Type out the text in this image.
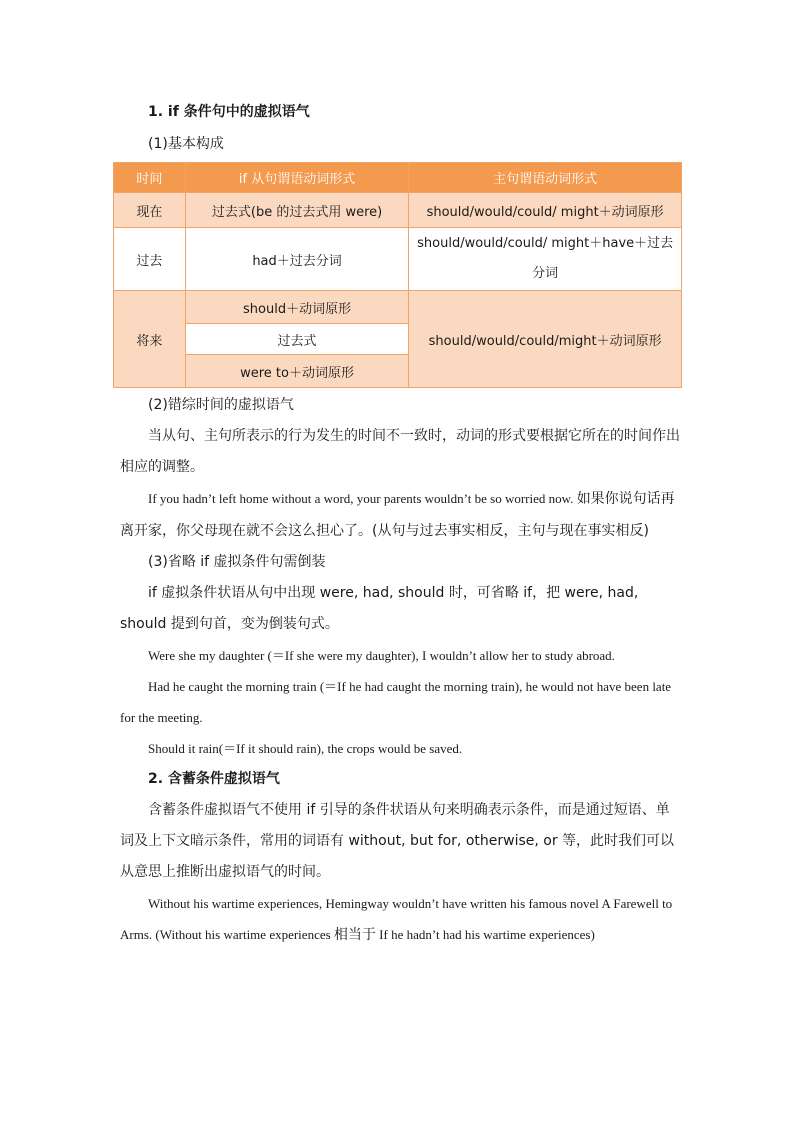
1. if 条件句中的虚拟语气
(1)基本构成
时间	if 从句谓语动词形式	主句谓语动词形式
现在	过去式(be 的过去式用 were)	should/would/could/ might＋动词原形
过去	had＋过去分词	should/would/could/ might＋have＋过去分词
将来	should＋动词原形	should/would/could/might＋动词原形
	过去式	
	were to＋动词原形	

(2)错综时间的虚拟语气

当从句、主句所表示的行为发生的时间不一致时，动词的形式要根据它所在的时间作出相应的调整。

If you hadn’t left home without a word, your parents wouldn’t be so worried now. 如果你说句话再离开家，你父母现在就不会这么担心了。(从句与过去事实相反，主句与现在事实相反)

(3)省略 if 虚拟条件句需倒装

if 虚拟条件状语从句中出现 were, had, should 时，可省略 if，把 were, had, should 提到句首，变为倒装句式。

Were she my daughter (＝If she were my daughter), I wouldn’t allow her to study abroad.

Had he caught the morning train (＝If he had caught the morning train), he would not have been late for the meeting.

Should it rain(＝If it should rain), the crops would be saved.

2. 含蓄条件虚拟语气

含蓄条件虚拟语气不使用 if 引导的条件状语从句来明确表示条件，而是通过短语、单词及上下文暗示条件，常用的词语有 without, but for, otherwise, or 等，此时我们可以从意思上推断出虚拟语气的时间。

Without his wartime experiences, Hemingway wouldn’t have written his famous novel A Farewell to Arms. (Without his wartime experiences 相当于 If he hadn’t had his wartime experiences)
